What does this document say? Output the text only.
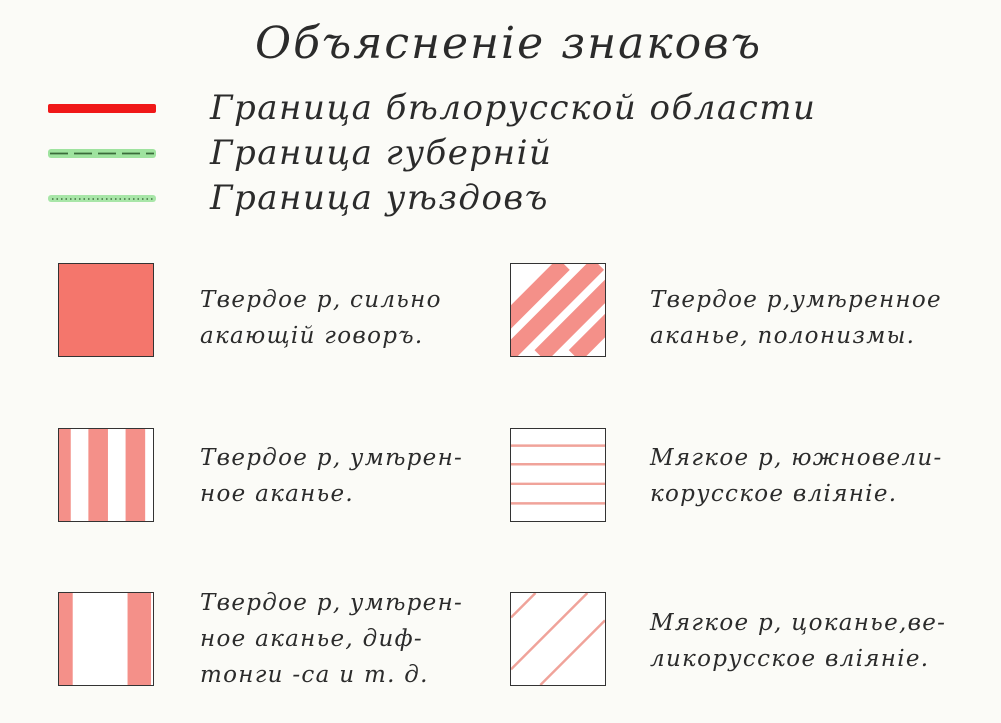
Объясненіе знаковъ
Граница бѣлорусской области
Граница губерній
Граница уѣздовъ
Твердое р, сильно
акающій говоръ.
Твердое р,умѣренное
аканье, полонизмы.
Твердое р, умѣрен-
ное аканье.
Мягкое р, южновели-
корусское вліяніе.
Твердое р, умѣрен-
ное аканье, диф-
тонги -са и т. д.
Мягкое р, цоканье,ве-
ликорусское вліяніе.
